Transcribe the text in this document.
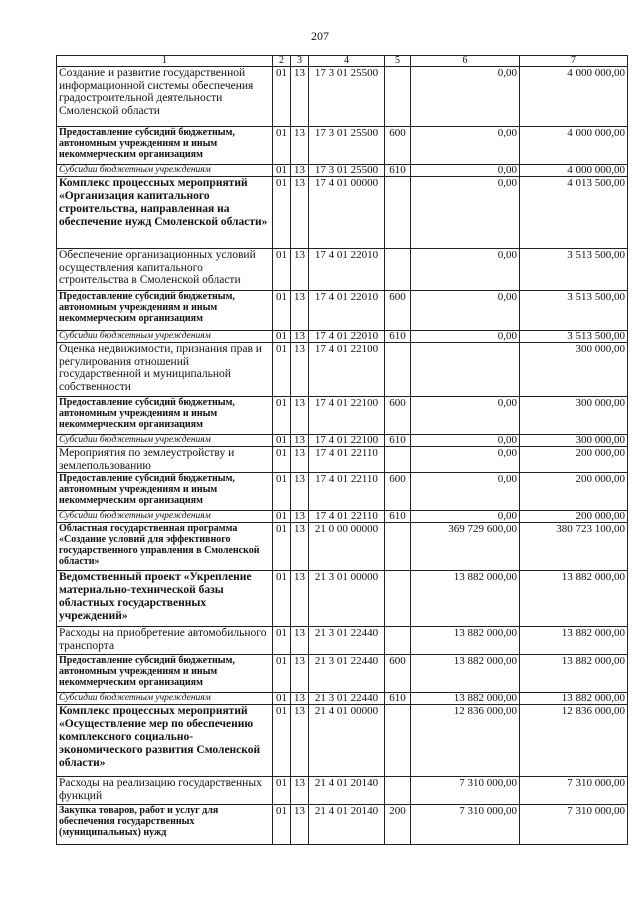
207
1	2	3	4	5	6	7
Создание и развитие государственной информационной системы обеспечения градостроительной деятельности Смоленской области	01	13	17 3 01 25500		0,00	4 000 000,00
Предоставление субсидий бюджетным, автономным учреждениям и иным некоммерческим организациям	01	13	17 3 01 25500	600	0,00	4 000 000,00
Субсидии бюджетным учреждениям	01	13	17 3 01 25500	610	0,00	4 000 000,00
Комплекс процессных мероприятий «Организация капитального строительства, направленная на обеспечение нужд Смоленской области»	01	13	17 4 01 00000		0,00	4 013 500,00
Обеспечение организационных условий осуществления капитального строительства в Смоленской области	01	13	17 4 01 22010		0,00	3 513 500,00
Предоставление субсидий бюджетным, автономным учреждениям и иным некоммерческим организациям	01	13	17 4 01 22010	600	0,00	3 513 500,00
Субсидии бюджетным учреждениям	01	13	17 4 01 22010	610	0,00	3 513 500,00
Оценка недвижимости, признания прав и регулирования отношений государственной и муниципальной собственности	01	13	17 4 01 22100			300 000,00
Предоставление субсидий бюджетным, автономным учреждениям и иным некоммерческим организациям	01	13	17 4 01 22100	600	0,00	300 000,00
Субсидии бюджетным учреждениям	01	13	17 4 01 22100	610	0,00	300 000,00
Мероприятия по землеустройству и землепользованию	01	13	17 4 01 22110		0,00	200 000,00
Предоставление субсидий бюджетным, автономным учреждениям и иным некоммерческим организациям	01	13	17 4 01 22110	600	0,00	200 000,00
Субсидии бюджетным учреждениям	01	13	17 4 01 22110	610	0,00	200 000,00
Областная государственная программа «Создание условий для эффективного государственного управления в Смоленской области»	01	13	21 0 00 00000		369 729 600,00	380 723 100,00
Ведомственный проект «Укрепление материально-технической базы областных государственных учреждений»	01	13	21 3 01 00000		13 882 000,00	13 882 000,00
Расходы на приобретение автомобильного транспорта	01	13	21 3 01 22440		13 882 000,00	13 882 000,00
Предоставление субсидий бюджетным, автономным учреждениям и иным некоммерческим организациям	01	13	21 3 01 22440	600	13 882 000,00	13 882 000,00
Субсидии бюджетным учреждениям	01	13	21 3 01 22440	610	13 882 000,00	13 882 000,00
Комплекс процессных мероприятий «Осуществление мер по обеспечению комплексного социально-экономического развития Смоленской области»	01	13	21 4 01 00000		12 836 000,00	12 836 000,00
Расходы на реализацию государственных функций	01	13	21 4 01 20140		7 310 000,00	7 310 000,00
Закупка товаров, работ и услуг для обеспечения государственных (муниципальных) нужд	01	13	21 4 01 20140	200	7 310 000,00	7 310 000,00
